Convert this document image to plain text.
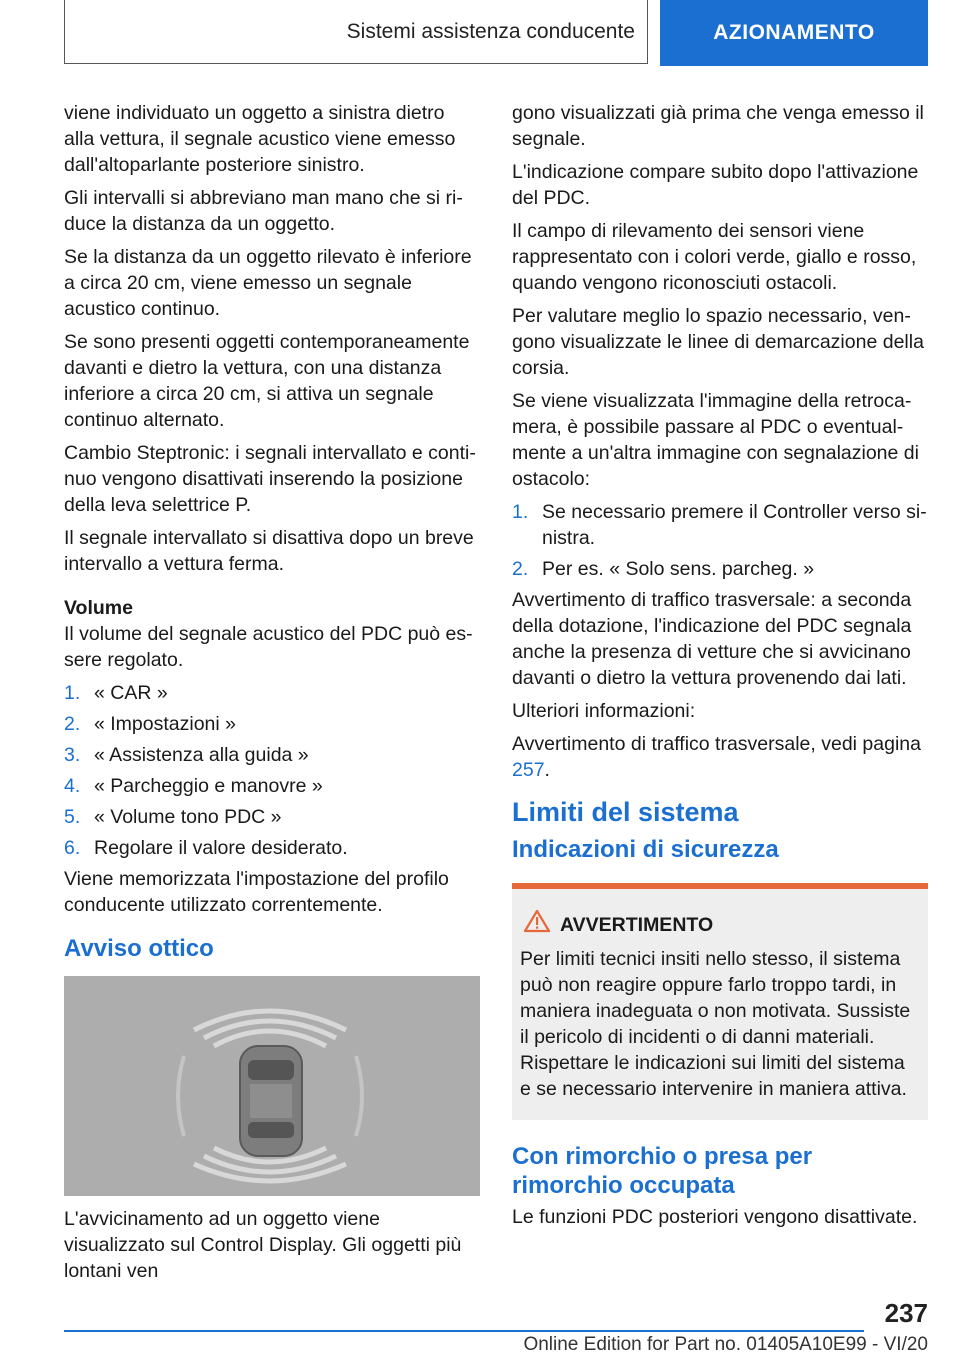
Sistemi assistenza conducente	AZIONAMENTO

viene individuato un oggetto a sinistra dietro alla vettura, il segnale acustico viene emesso dall'altoparlante posteriore sinistro.

Gli intervalli si abbreviano man mano che si riduce la distanza da un oggetto.

Se la distanza da un oggetto rilevato è inferiore a circa 20 cm, viene emesso un segnale acustico continuo.

Se sono presenti oggetti contemporaneamente davanti e dietro la vettura, con una distanza inferiore a circa 20 cm, si attiva un segnale continuo alternato.

Cambio Steptronic: i segnali intervallato e continuo vengono disattivati inserendo la posizione della leva selettrice P.

Il segnale intervallato si disattiva dopo un breve intervallo a vettura ferma.

Volume

Il volume del segnale acustico del PDC può essere regolato.

1. « CAR »
2. « Impostazioni »
3. « Assistenza alla guida »
4. « Parcheggio e manovre »
5. « Volume tono PDC »
6. Regolare il valore desiderato.

Viene memorizzata l'impostazione del profilo conducente utilizzato correntemente.

Avviso ottico

L'avvicinamento ad un oggetto viene visualizzato sul Control Display. Gli oggetti più lontani ven

gono visualizzati già prima che venga emesso il segnale.

L'indicazione compare subito dopo l'attivazione del PDC.

Il campo di rilevamento dei sensori viene rappresentato con i colori verde, giallo e rosso, quando vengono riconosciuti ostacoli.

Per valutare meglio lo spazio necessario, vengono visualizzate le linee di demarcazione della corsia.

Se viene visualizzata l'immagine della retrocamera, è possibile passare al PDC o eventualmente a un'altra immagine con segnalazione di ostacolo:

1. Se necessario premere il Controller verso sinistra.
2. Per es. « Solo sens. parcheg. »

Avvertimento di traffico trasversale: a seconda della dotazione, l'indicazione del PDC segnala anche la presenza di vetture che si avvicinano davanti o dietro la vettura provenendo dai lati.

Ulteriori informazioni:

Avvertimento di traffico trasversale, vedi pagina 257.

Limiti del sistema
Indicazioni di sicurezza
AVVERTIMENTO

Per limiti tecnici insiti nello stesso, il sistema può non reagire oppure farlo troppo tardi, in maniera inadeguata o non motivata. Sussiste il pericolo di incidenti o di danni materiali. Rispettare le indicazioni sui limiti del sistema e se necessario intervenire in maniera attiva.

Con rimorchio o presa per rimorchio occupata

Le funzioni PDC posteriori vengono disattivate.

237
Online Edition for Part no. 01405A10E99 - VI/20
